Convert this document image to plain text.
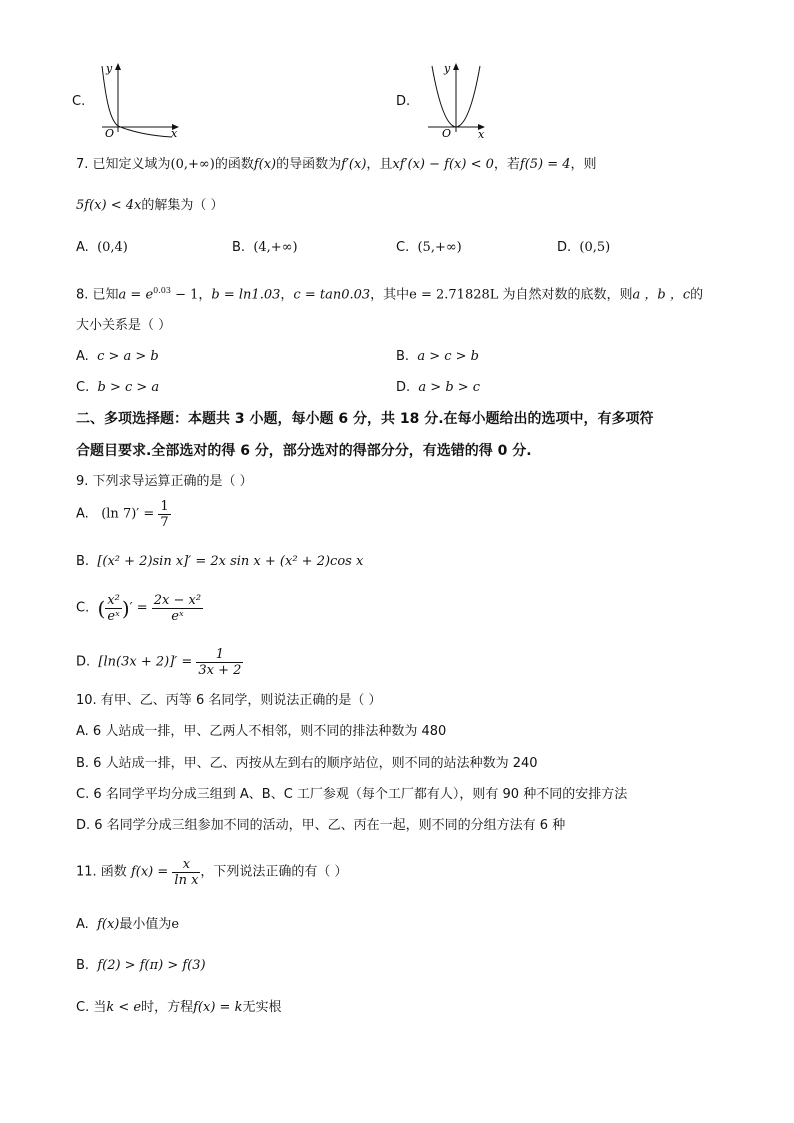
C.
y
x
O
D.
y
x
O
7. 已知定义域为(0,+∞)的函数f(x)的导函数为f′(x)，且xf′(x) − f(x) < 0，若f(5) = 4，则
5f(x) < 4x的解集为（ ）
A. (0,4)	B. (4,+∞)	C. (5,+∞)	D. (0,5)
8. 已知$a = e^{0.03} - 1$，b = ln1.03，c = tan0.03，其中e = 2.71828L 为自然对数的底数，则a ，b ，c的
大小关系是（ ）
A. c > a > b	B. a > c > b
C. b > c > a	D. a > b > c
二、多项选择题：本题共 3 小题，每小题 6 分，共 18 分.在每小题给出的选项中，有多项符
合题目要求.全部选对的得 6 分，部分选对的得部分分，有选错的得 0 分.
9. 下列求导运算正确的是（ ）
A. (ln $7)' = \frac{1}{7}$
B. [(x² + 2)sin x]′ = 2x sin x + (x² + 2)cos x
C. ( $\frac{\text{x²}}{\text{eˣ}}$ )′ = $\frac{\text{2x − x²}}{\text{eˣ}}$
D. $[\ln(3x + 2)]' = \frac{1}{3x + 2}$
10. 有甲、乙、丙等 6 名同学，则说法正确的是（ ）
A. 6 人站成一排，甲、乙两人不相邻，则不同的排法种数为 480
B. 6 人站成一排，甲、乙、丙按从左到右的顺序站位，则不同的站法种数为 240
C. 6 名同学平均分成三组到 A、B、C 工厂参观（每个工厂都有人），则有 90 种不同的安排方法
D. 6 名同学分成三组参加不同的活动，甲、乙、丙在一起，则不同的分组方法有 6 种
11. 函数 $f(x) = \frac{x}{\text{ln x}}$ ，下列说法正确的有（ ）
A. f(x)最小值为e
B. f(2) > f(π) > f(3)
C. 当k < e时，方程f(x) = k无实根
